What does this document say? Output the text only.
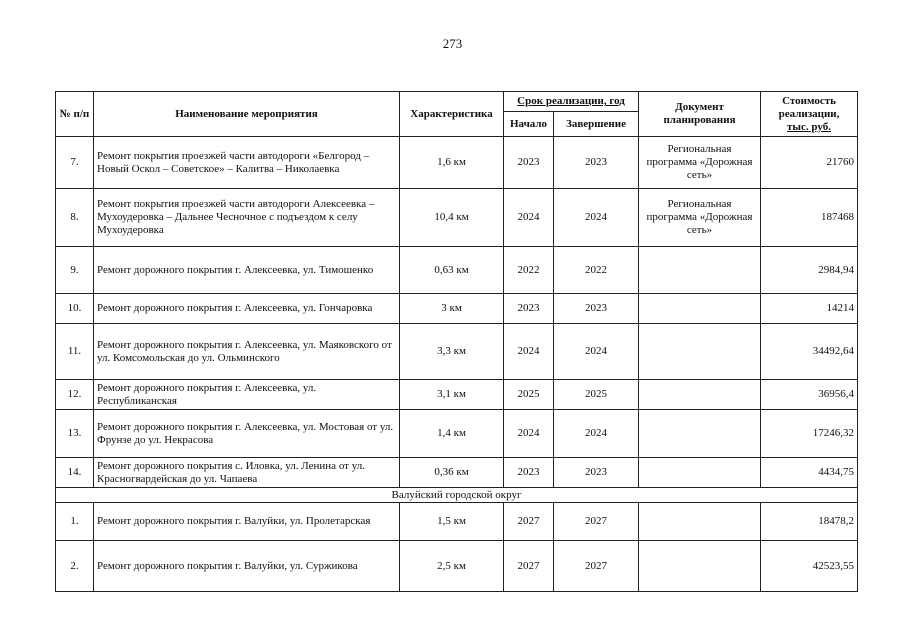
273
№ п/п	Наименование мероприятия	Характеристика	Срок реализации, год		Документ планирования	Стоимость
реализации,
тыс. руб.

			Начало	Завершение		
7.	Ремонт покрытия проезжей части автодороги «Белгород – Новый Оскол – Советское» – Калитва – Николаевка	1,6 км	2023	2023	Региональная программа «Дорожная сеть»	21760
8.	Ремонт покрытия проезжей части автодороги Алексеевка – Мухоудеровка – Дальнее Чесночное с подъездом к селу Мухоудеровка	10,4 км	2024	2024	Региональная программа «Дорожная сеть»	187468
9.	Ремонт дорожного покрытия г. Алексеевка, ул. Тимошенко	0,63 км	2022	2022		2984,94
10.	Ремонт дорожного покрытия г. Алексеевка, ул. Гончаровка	3 км	2023	2023		14214
11.	Ремонт дорожного покрытия г. Алексеевка, ул. Маяковского от ул. Комсомольская до ул. Ольминского	3,3 км	2024	2024		34492,64
12.	Ремонт дорожного покрытия г. Алексеевка, ул. Республиканская	3,1 км	2025	2025		36956,4
13.	Ремонт дорожного покрытия г. Алексеевка, ул. Мостовая от ул. Фрунзе до ул. Некрасова	1,4 км	2024	2024		17246,32
14.	Ремонт дорожного покрытия с. Иловка, ул. Ленина от ул. Красногвардейская до ул. Чапаева	0,36 км	2023	2023		4434,75
Валуйский городской округ						
1.	Ремонт дорожного покрытия г. Валуйки, ул. Пролетарская	1,5 км	2027	2027		18478,2
2.	Ремонт дорожного покрытия г. Валуйки, ул. Суржикова	2,5 км	2027	2027		42523,55
